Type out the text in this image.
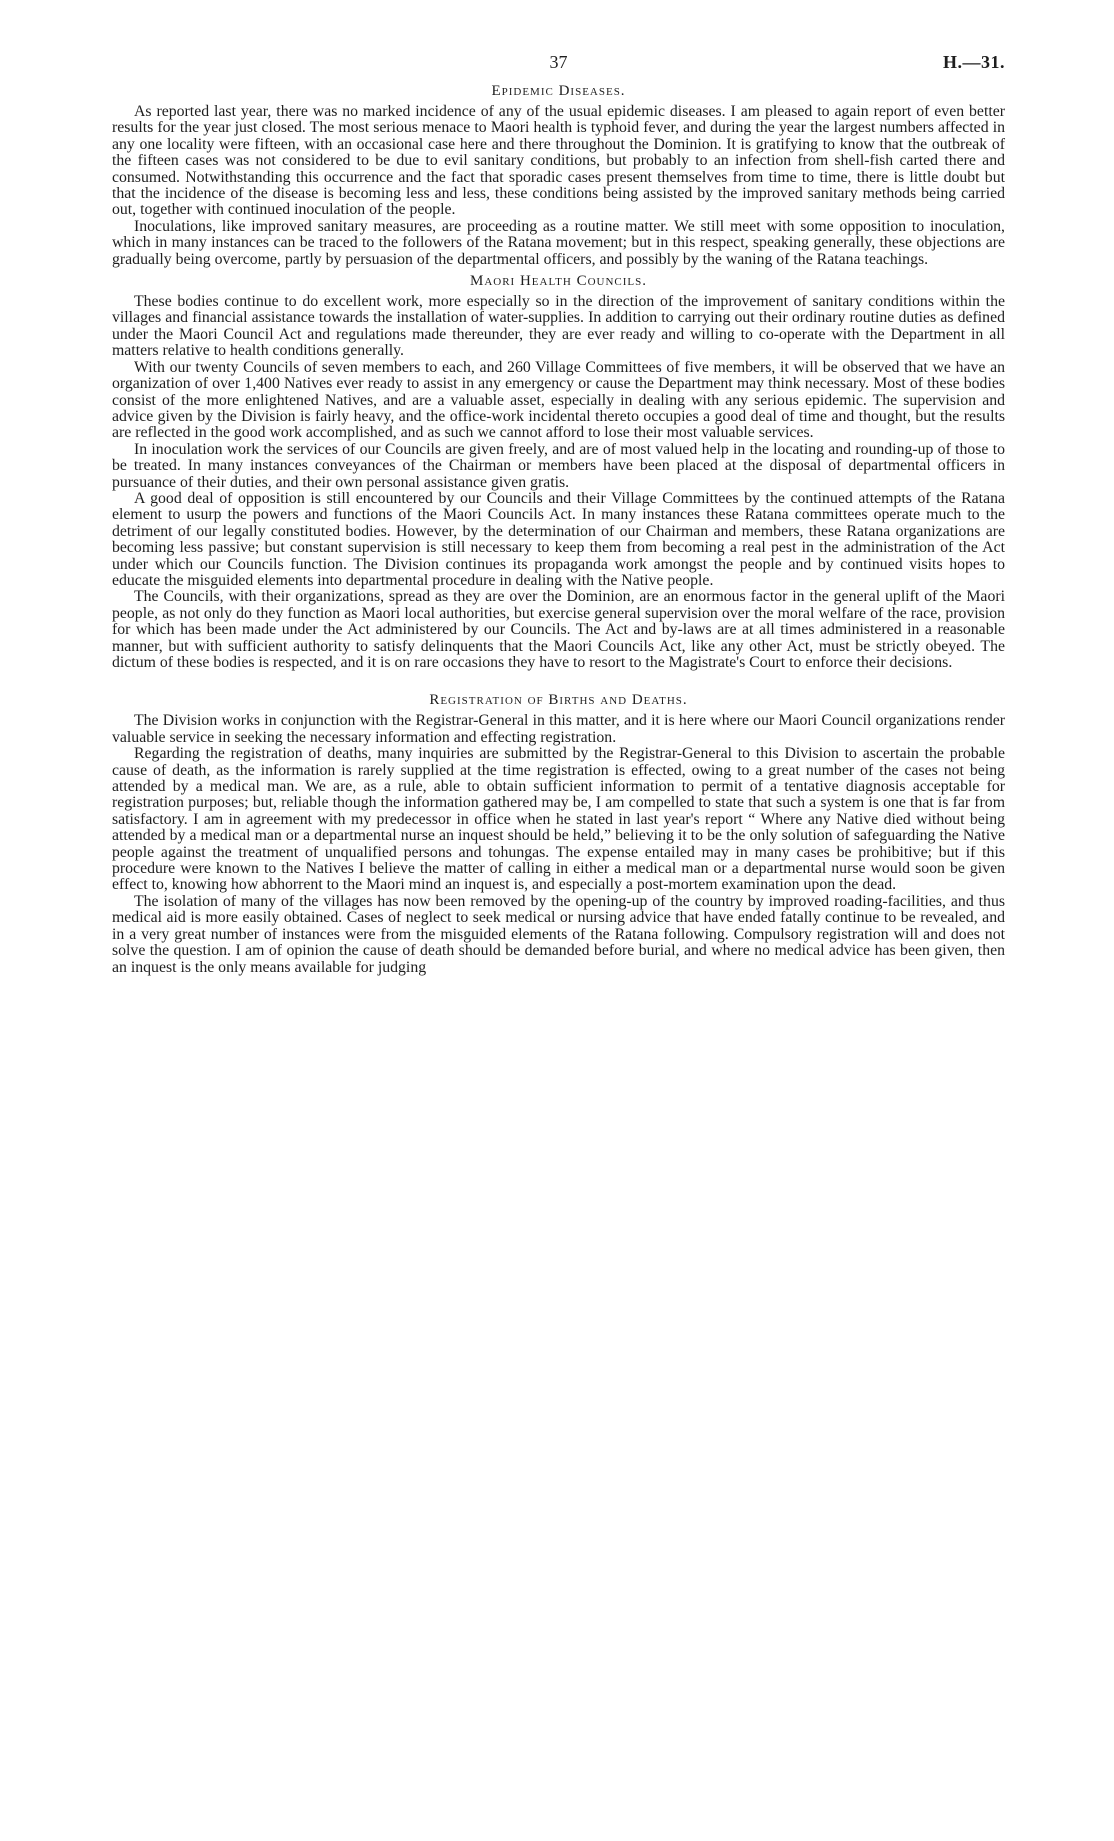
37	H.—31.
Epidemic Diseases.

As reported last year, there was no marked incidence of any of the usual epidemic diseases. I am pleased to again report of even better results for the year just closed. The most serious menace to Maori health is typhoid fever, and during the year the largest numbers affected in any one locality were fifteen, with an occasional case here and there throughout the Dominion. It is gratifying to know that the outbreak of the fifteen cases was not considered to be due to evil sanitary conditions, but probably to an infection from shell-fish carted there and consumed. Notwithstanding this occurrence and the fact that sporadic cases present themselves from time to time, there is little doubt but that the incidence of the disease is becoming less and less, these conditions being assisted by the improved sanitary methods being carried out, together with continued inoculation of the people.

Inoculations, like improved sanitary measures, are proceeding as a routine matter. We still meet with some opposition to inoculation, which in many instances can be traced to the followers of the Ratana movement; but in this respect, speaking generally, these objections are gradually being overcome, partly by persuasion of the departmental officers, and possibly by the waning of the Ratana teachings.

Maori Health Councils.

These bodies continue to do excellent work, more especially so in the direction of the improvement of sanitary conditions within the villages and financial assistance towards the installation of water-supplies. In addition to carrying out their ordinary routine duties as defined under the Maori Council Act and regulations made thereunder, they are ever ready and willing to co-operate with the Department in all matters relative to health conditions generally.

With our twenty Councils of seven members to each, and 260 Village Committees of five members, it will be observed that we have an organization of over 1,400 Natives ever ready to assist in any emergency or cause the Department may think necessary. Most of these bodies consist of the more enlightened Natives, and are a valuable asset, especially in dealing with any serious epidemic. The supervision and advice given by the Division is fairly heavy, and the office-work incidental thereto occupies a good deal of time and thought, but the results are reflected in the good work accomplished, and as such we cannot afford to lose their most valuable services.

In inoculation work the services of our Councils are given freely, and are of most valued help in the locating and rounding-up of those to be treated. In many instances conveyances of the Chairman or members have been placed at the disposal of departmental officers in pursuance of their duties, and their own personal assistance given gratis.

A good deal of opposition is still encountered by our Councils and their Village Committees by the continued attempts of the Ratana element to usurp the powers and functions of the Maori Councils Act. In many instances these Ratana committees operate much to the detriment of our legally constituted bodies. However, by the determination of our Chairman and members, these Ratana organizations are becoming less passive; but constant supervision is still necessary to keep them from becoming a real pest in the administration of the Act under which our Councils function. The Division continues its propaganda work amongst the people and by continued visits hopes to educate the misguided elements into departmental procedure in dealing with the Native people.

The Councils, with their organizations, spread as they are over the Dominion, are an enormous factor in the general uplift of the Maori people, as not only do they function as Maori local authorities, but exercise general supervision over the moral welfare of the race, provision for which has been made under the Act administered by our Councils. The Act and by-laws are at all times administered in a reasonable manner, but with sufficient authority to satisfy delinquents that the Maori Councils Act, like any other Act, must be strictly obeyed. The dictum of these bodies is respected, and it is on rare occasions they have to resort to the Magistrate's Court to enforce their decisions.

Registration of Births and Deaths.

The Division works in conjunction with the Registrar-General in this matter, and it is here where our Maori Council organizations render valuable service in seeking the necessary information and effecting registration.

Regarding the registration of deaths, many inquiries are submitted by the Registrar-General to this Division to ascertain the probable cause of death, as the information is rarely supplied at the time registration is effected, owing to a great number of the cases not being attended by a medical man. We are, as a rule, able to obtain sufficient information to permit of a tentative diagnosis acceptable for registration purposes; but, reliable though the information gathered may be, I am compelled to state that such a system is one that is far from satisfactory. I am in agreement with my predecessor in office when he stated in last year's report “ Where any Native died without being attended by a medical man or a departmental nurse an inquest should be held,” believing it to be the only solution of safeguarding the Native people against the treatment of unqualified persons and tohungas. The expense entailed may in many cases be prohibitive; but if this procedure were known to the Natives I believe the matter of calling in either a medical man or a departmental nurse would soon be given effect to, knowing how abhorrent to the Maori mind an inquest is, and especially a post-mortem examination upon the dead.

The isolation of many of the villages has now been removed by the opening-up of the country by improved roading-facilities, and thus medical aid is more easily obtained. Cases of neglect to seek medical or nursing advice that have ended fatally continue to be revealed, and in a very great number of instances were from the misguided elements of the Ratana following. Compulsory registration will and does not solve the question. I am of opinion the cause of death should be demanded before burial, and where no medical advice has been given, then an inquest is the only means available for judging
